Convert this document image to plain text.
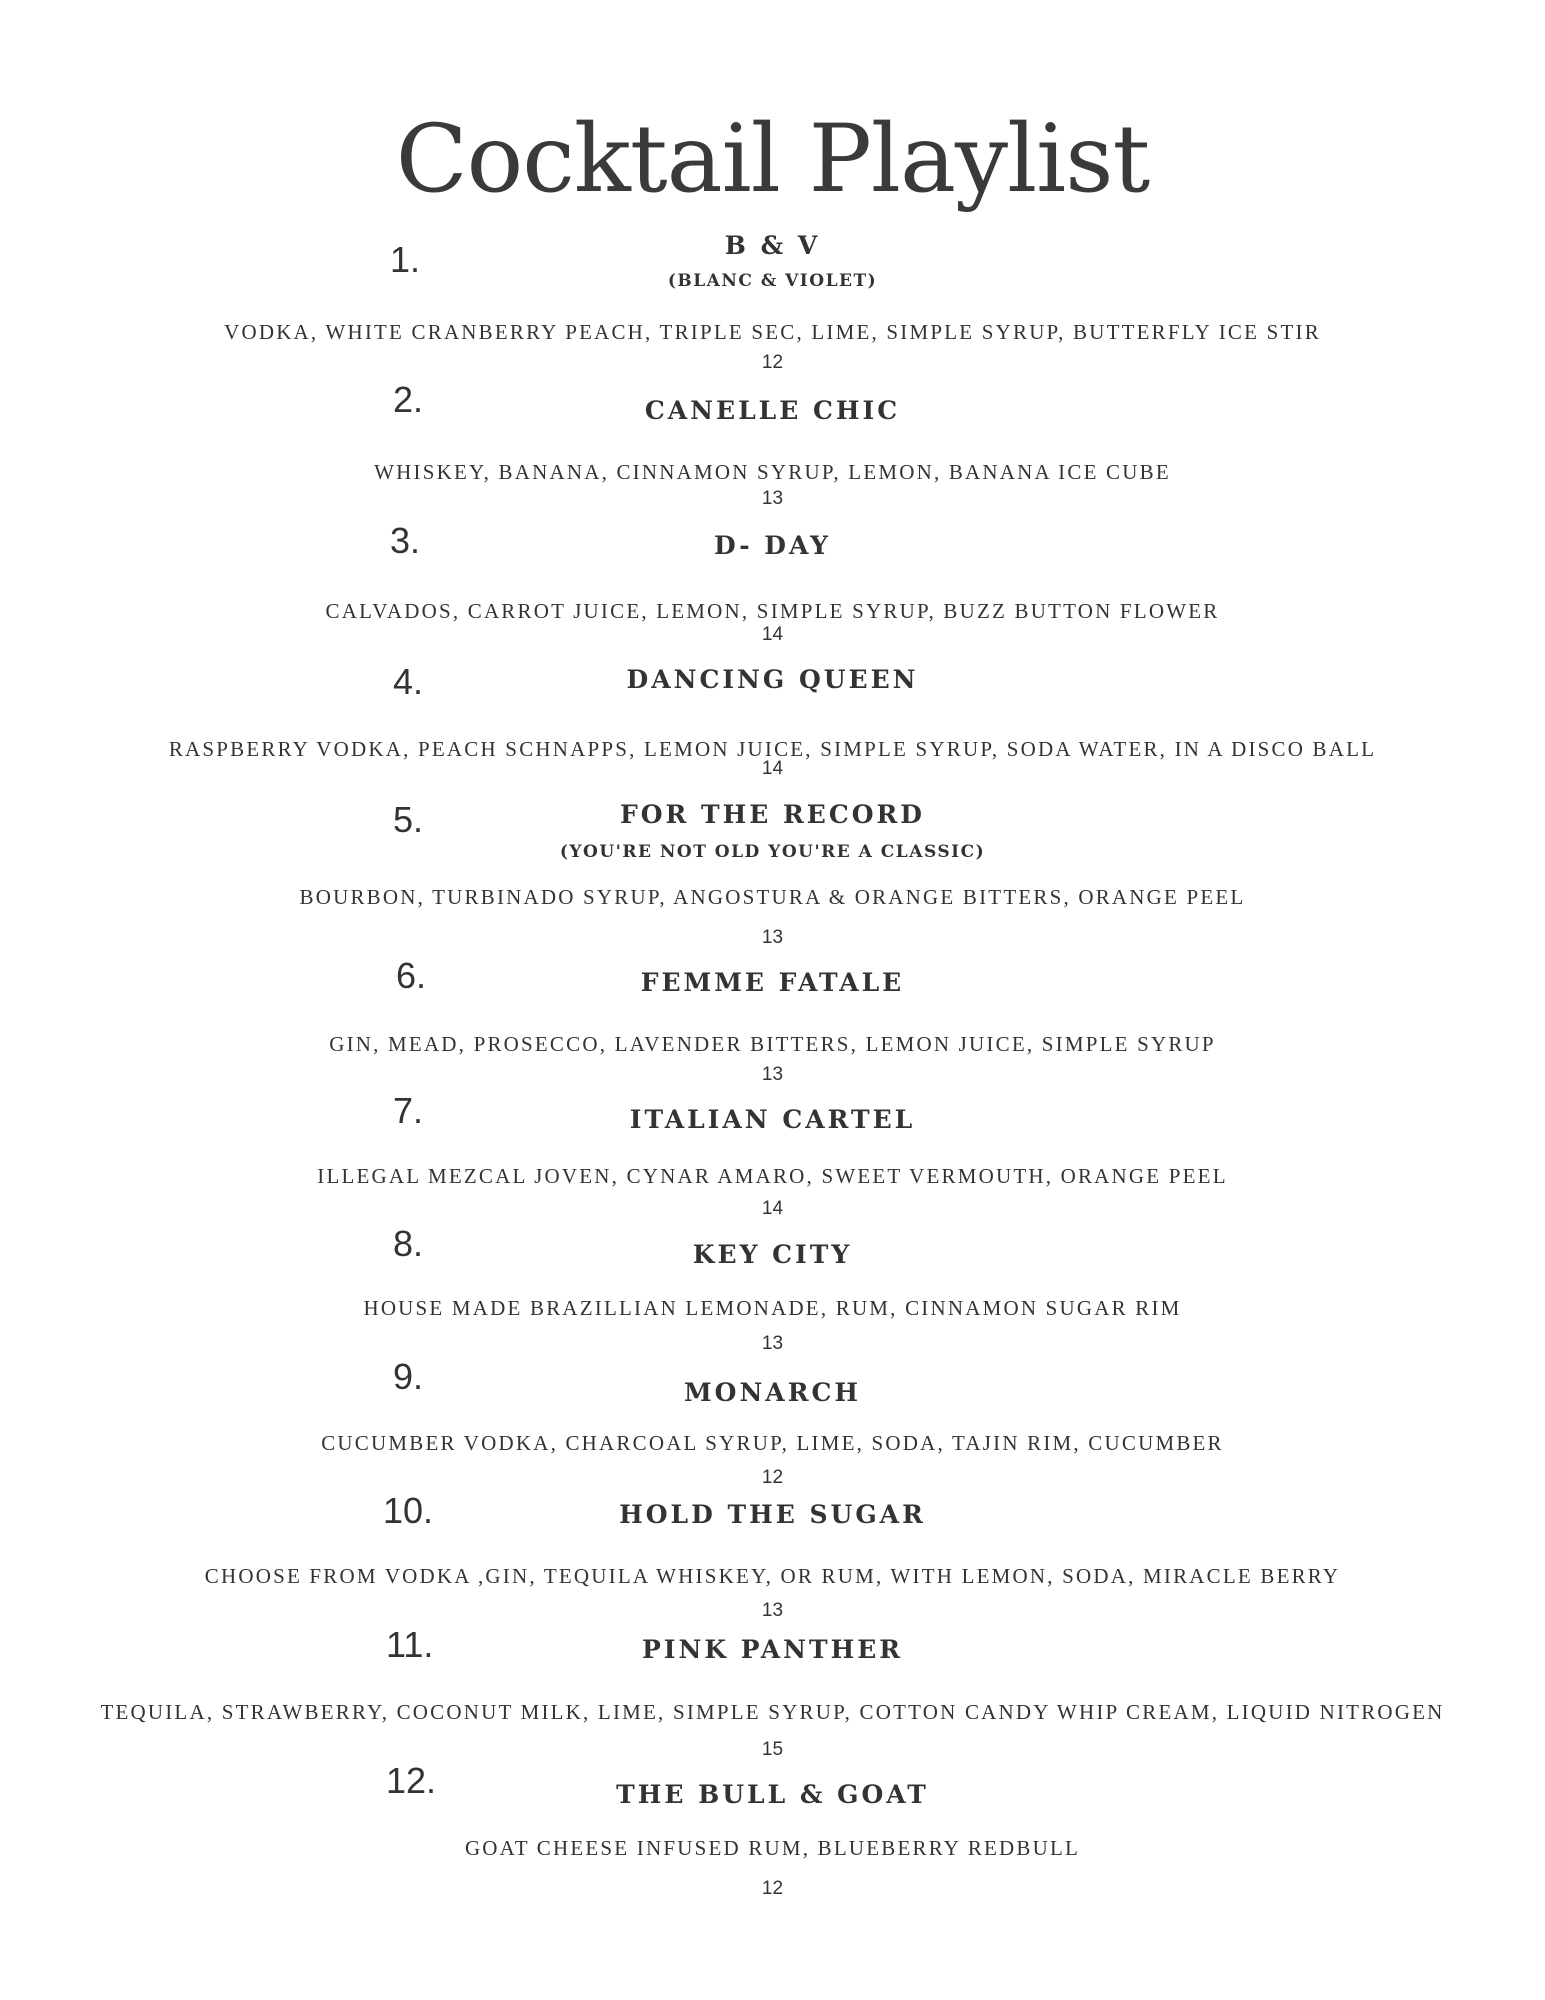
Cocktail Playlist
1.	B & V
(BLANC & VIOLET)
VODKA, WHITE CRANBERRY PEACH, TRIPLE SEC, LIME, SIMPLE SYRUP, BUTTERFLY ICE STIR
12
2.	CANELLE CHIC
WHISKEY, BANANA, CINNAMON SYRUP, LEMON, BANANA ICE CUBE
13
3.	D- DAY
CALVADOS, CARROT JUICE, LEMON, SIMPLE SYRUP, BUZZ BUTTON FLOWER
14
4.	DANCING QUEEN
RASPBERRY VODKA, PEACH SCHNAPPS, LEMON JUICE, SIMPLE SYRUP, SODA WATER, IN A DISCO BALL
14
5.	FOR THE RECORD
(YOU'RE NOT OLD YOU'RE A CLASSIC)
BOURBON, TURBINADO SYRUP, ANGOSTURA & ORANGE BITTERS, ORANGE PEEL
13
6.	FEMME FATALE
GIN, MEAD, PROSECCO, LAVENDER BITTERS, LEMON JUICE, SIMPLE SYRUP
13
7.	ITALIAN CARTEL
ILLEGAL MEZCAL JOVEN, CYNAR AMARO, SWEET VERMOUTH, ORANGE PEEL
14
8.	KEY CITY
HOUSE MADE BRAZILLIAN LEMONADE, RUM, CINNAMON SUGAR RIM
13
9.	MONARCH
CUCUMBER VODKA, CHARCOAL SYRUP, LIME, SODA, TAJIN RIM, CUCUMBER
12
10.	HOLD THE SUGAR
CHOOSE FROM VODKA ,GIN, TEQUILA WHISKEY, OR RUM, WITH LEMON, SODA, MIRACLE BERRY
13
11.	PINK PANTHER
TEQUILA, STRAWBERRY, COCONUT MILK, LIME, SIMPLE SYRUP, COTTON CANDY WHIP CREAM, LIQUID NITROGEN
15
12.	THE BULL & GOAT
GOAT CHEESE INFUSED RUM, BLUEBERRY REDBULL
12
